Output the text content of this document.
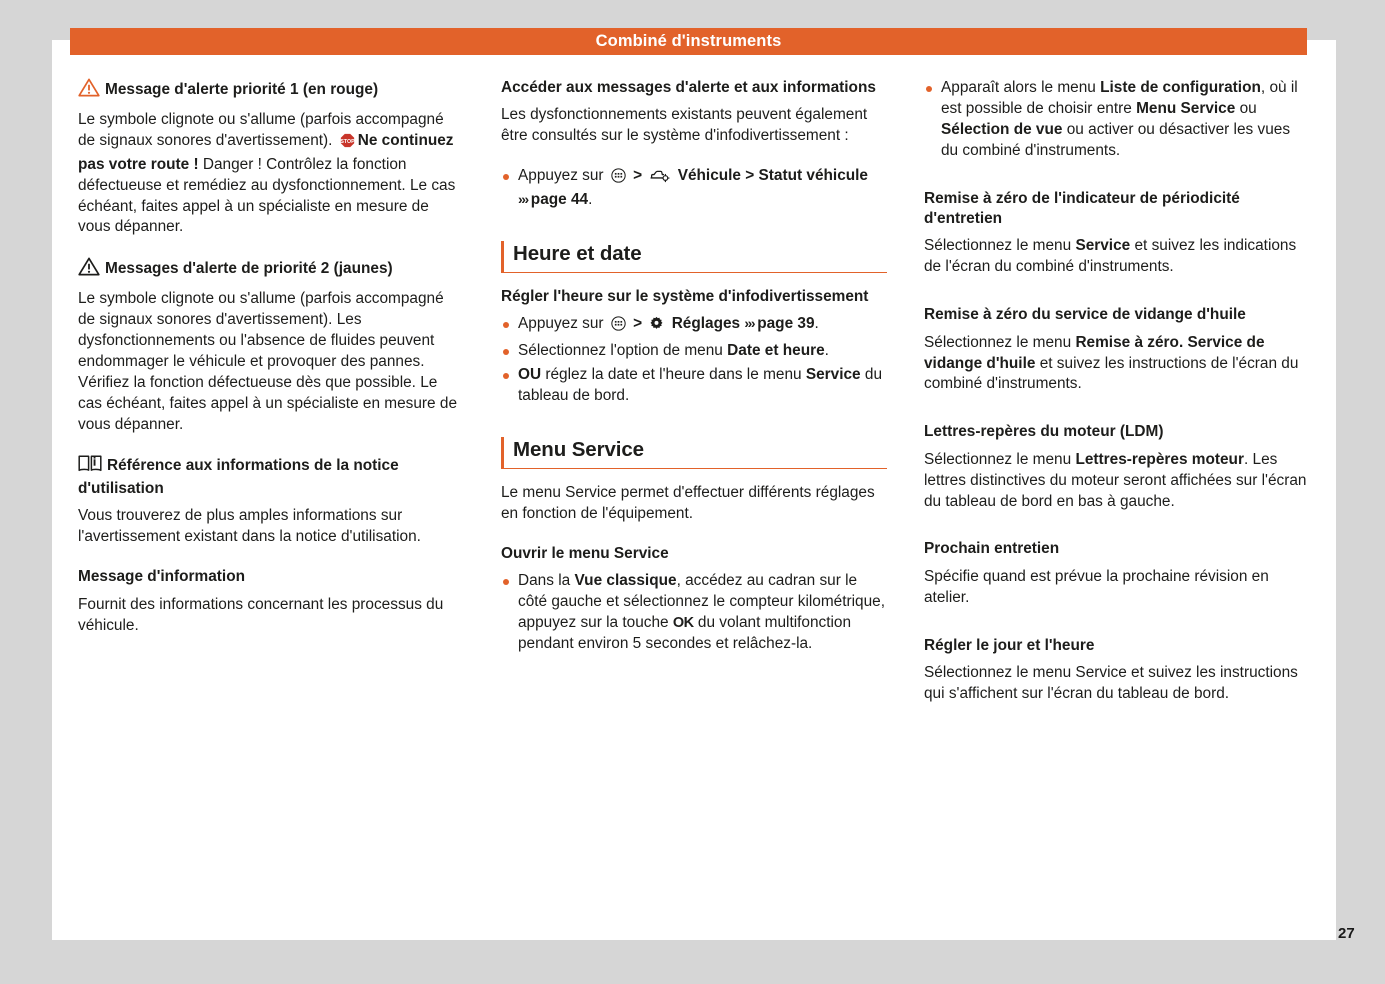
Combiné d'instruments
27
Message d'alerte priorité 1 (en rouge)
Le symbole clignote ou s'allume (parfois accompagné de signaux sonores d'avertissement). STOP Ne continuez pas votre route ! Danger ! Contrôlez la fonction défectueuse et remédiez au dysfonctionnement. Le cas échéant, faites appel à un spécialiste en mesure de vous dépanner.
Messages d'alerte de priorité 2 (jaunes)
Le symbole clignote ou s'allume (parfois accompagné de signaux sonores d'avertissement). Les dysfonctionnements ou l'absence de fluides peuvent endommager le véhicule et provoquer des pannes. Vérifiez la fonction défectueuse dès que possible. Le cas échéant, faites appel à un spécialiste en mesure de vous dépanner.
Référence aux informations de la notice d'utilisation
Vous trouverez de plus amples informations sur l'avertissement existant dans la notice d'utilisation.
Message d'information
Fournit des informations concernant les processus du véhicule.
Accéder aux messages d'alerte et aux informations
Les dysfonctionnements existants peuvent également être consultés sur le système d'infodivertissement :
Appuyez sur > Véhicule > Statut véhicule ››› page 44.
Heure et date
Régler l'heure sur le système d'infodivertissement
Appuyez sur > Réglages ››› page 39.
Sélectionnez l'option de menu Date et heure.
OU réglez la date et l'heure dans le menu Service du tableau de bord.
Menu Service
Le menu Service permet d'effectuer différents réglages en fonction de l'équipement.
Ouvrir le menu Service
Dans la Vue classique, accédez au cadran sur le côté gauche et sélectionnez le compteur kilométrique, appuyez sur la touche OK du volant multifonction pendant environ 5 secondes et relâchez-la.
Apparaît alors le menu Liste de configuration, où il est possible de choisir entre Menu Service ou Sélection de vue ou activer ou désactiver les vues du combiné d'instruments.
Remise à zéro de l'indicateur de périodicité d'entretien
Sélectionnez le menu Service et suivez les indications de l'écran du combiné d'instruments.
Remise à zéro du service de vidange d'huile
Sélectionnez le menu Remise à zéro. Service de vidange d'huile et suivez les instructions de l'écran du combiné d'instruments.
Lettres-repères du moteur (LDM)
Sélectionnez le menu Lettres-repères moteur. Les lettres distinctives du moteur seront affichées sur l'écran du tableau de bord en bas à gauche.
Prochain entretien
Spécifie quand est prévue la prochaine révision en atelier.
Régler le jour et l'heure
Sélectionnez le menu Service et suivez les instructions qui s'affichent sur l'écran du tableau de bord.
